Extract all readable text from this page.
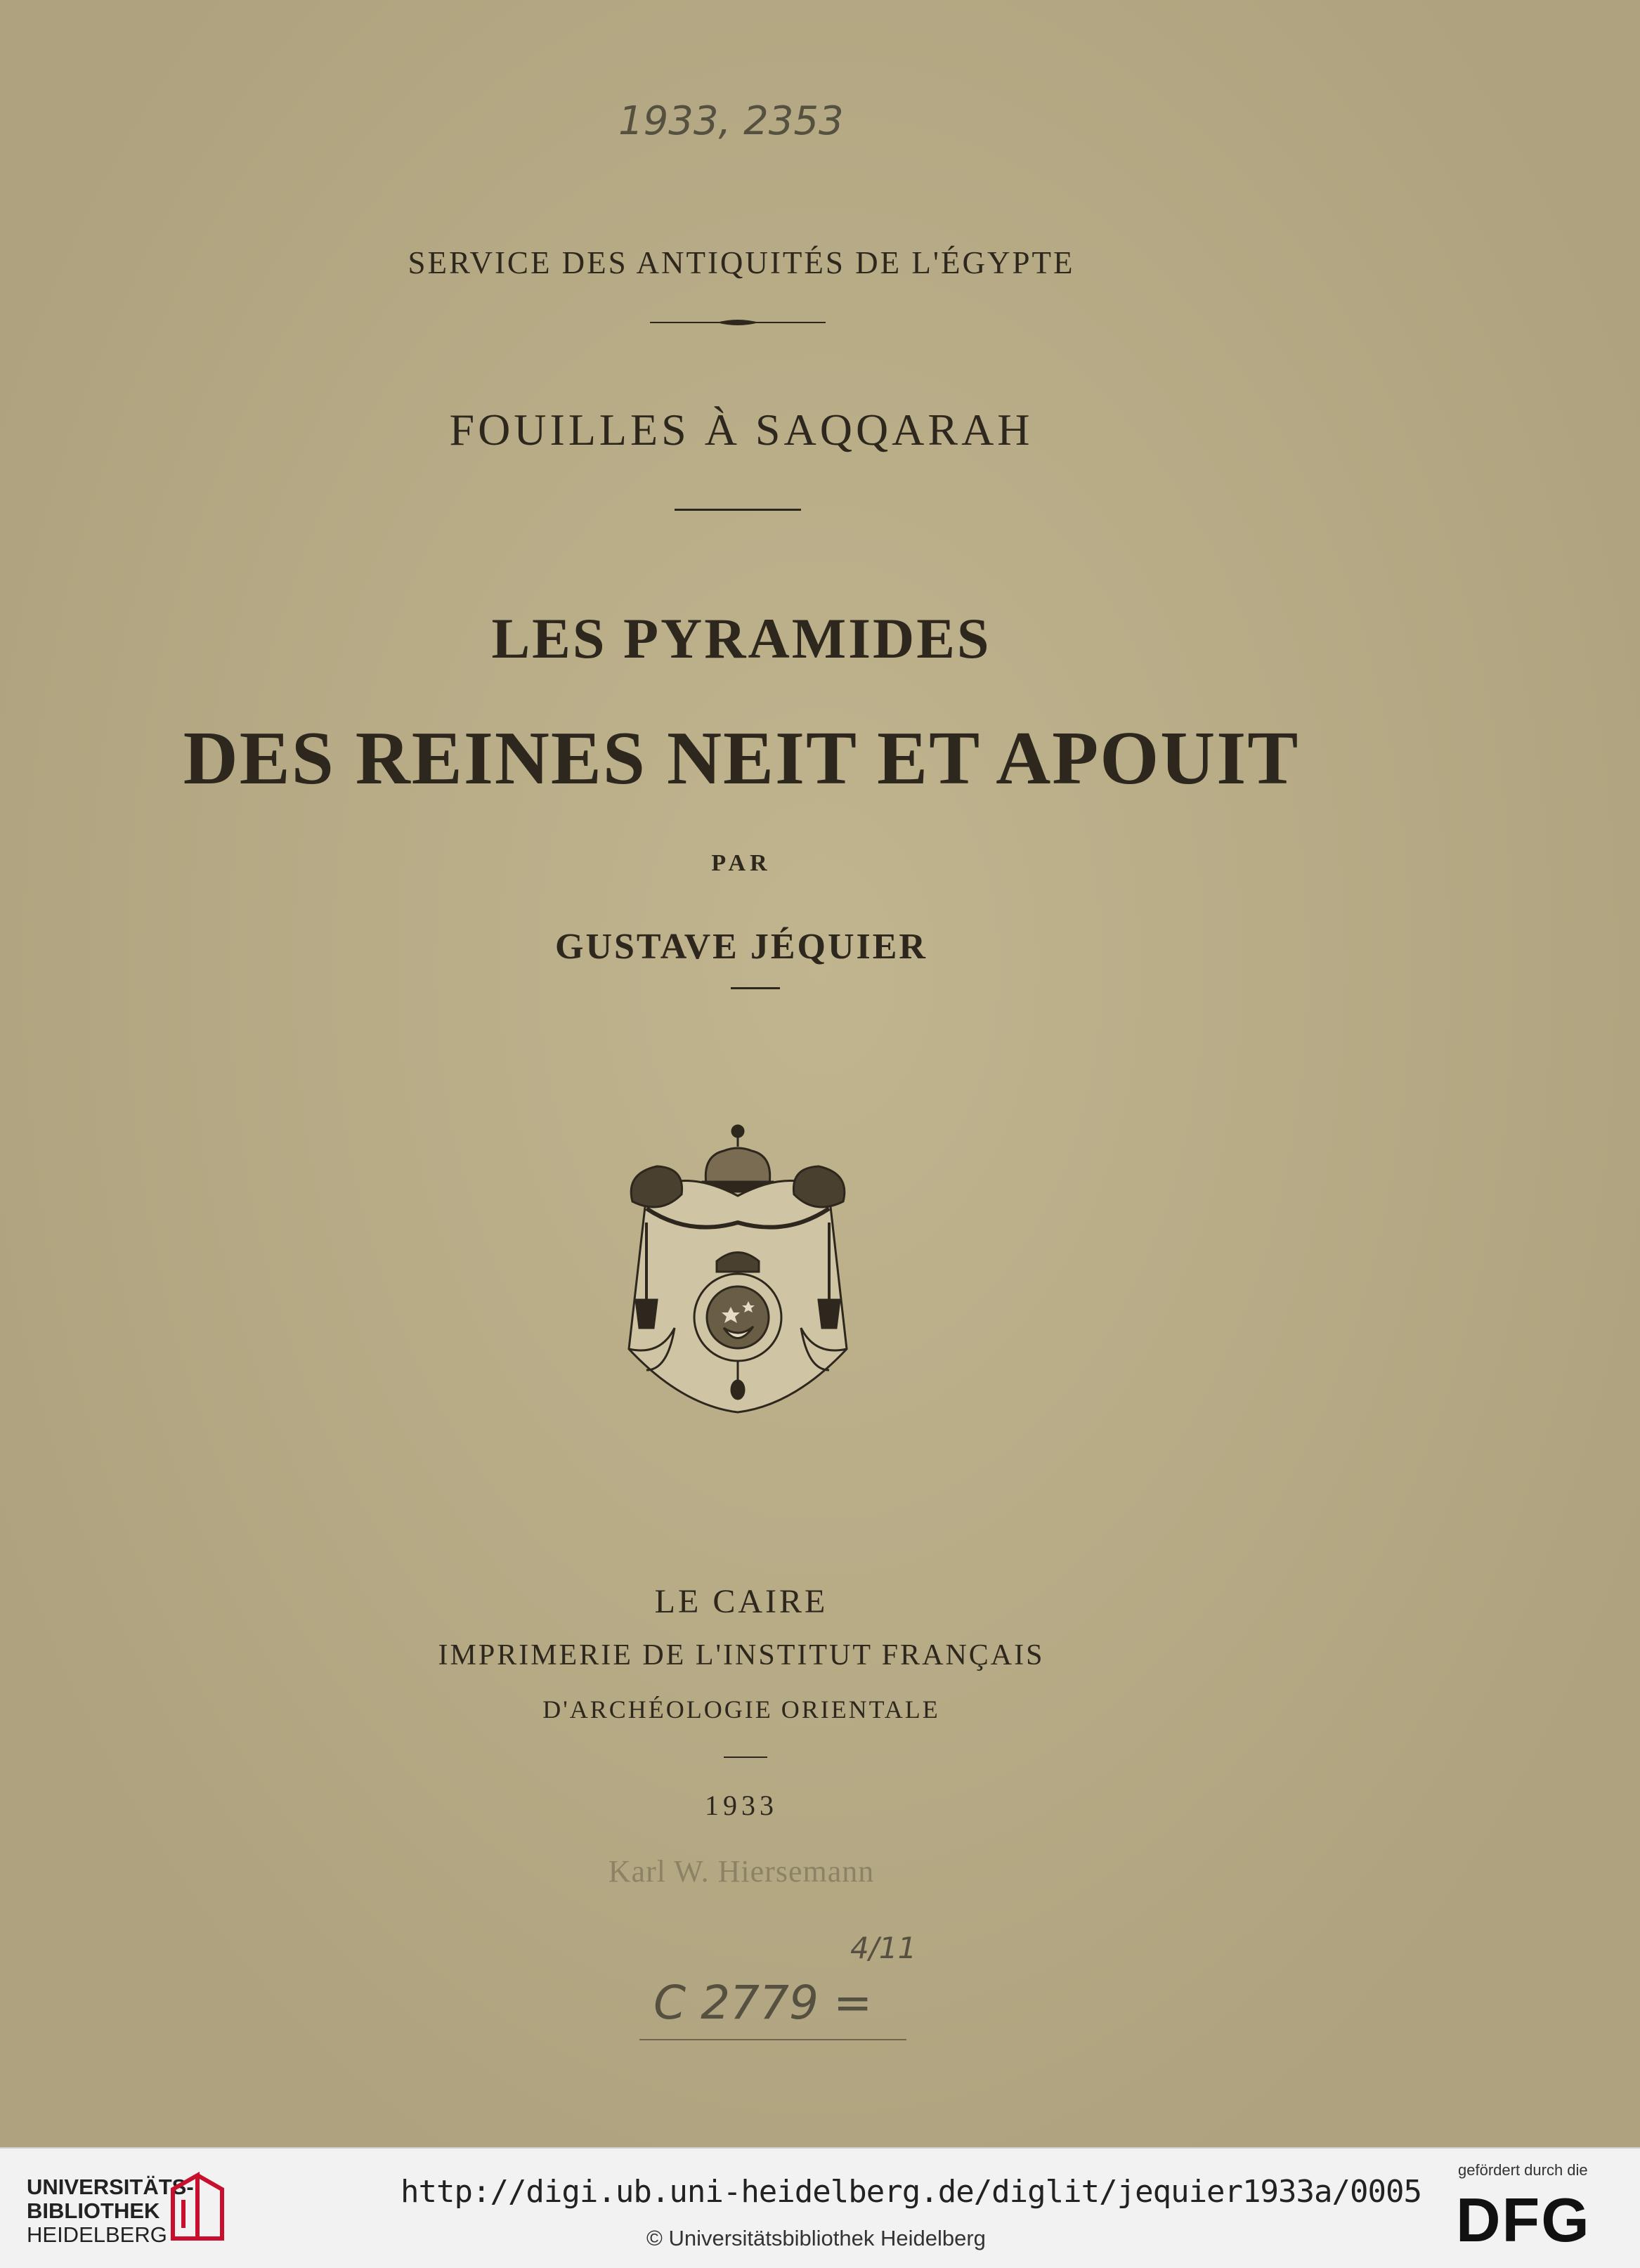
1933, 2353
SERVICE DES ANTIQUITÉS DE L'ÉGYPTE
FOUILLES À SAQQARAH
LES PYRAMIDES
DES REINES NEIT ET APOUIT
PAR
GUSTAVE JÉQUIER
LE CAIRE
IMPRIMERIE DE L'INSTITUT FRANÇAIS
D'ARCHÉOLOGIE ORIENTALE
1933
Karl W. Hiersemann
4/11
C 2779 =
UNIVERSITÄTS-
BIBLIOTHEK
HEIDELBERG
http://digi.ub.uni-heidelberg.de/diglit/jequier1933a/0005
© Universitätsbibliothek Heidelberg
gefördert durch die
DFG
